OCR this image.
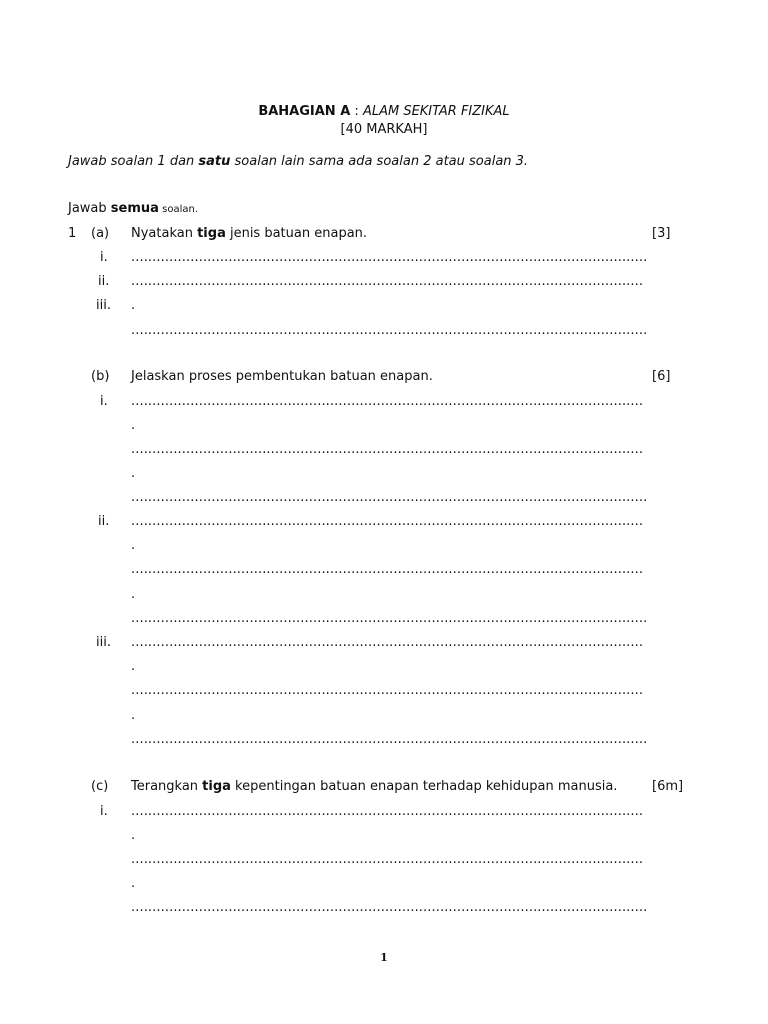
BAHAGIAN A : ALAM SEKITAR FIZIKAL
[40 MARKAH]
Jawab soalan 1 dan satu soalan lain sama ada soalan 2 atau soalan 3.
Jawab semua soalan.
1 (a) Nyatakan tiga jenis batuan enapan.	[3]
i. ..........................................................................................................................
ii. .........................................................................................................................
iii. .
..........................................................................................................................
(b) Jelaskan proses pembentukan batuan enapan.	[6]
i. .........................................................................................................................
.
.........................................................................................................................
.
..........................................................................................................................
ii. .........................................................................................................................
.
.........................................................................................................................
.
..........................................................................................................................
iii. .........................................................................................................................
.
.........................................................................................................................
.
..........................................................................................................................
(c) Terangkan tiga kepentingan batuan enapan terhadap kehidupan manusia.	[6m]
i. .........................................................................................................................
.
.........................................................................................................................
.
..........................................................................................................................
1
